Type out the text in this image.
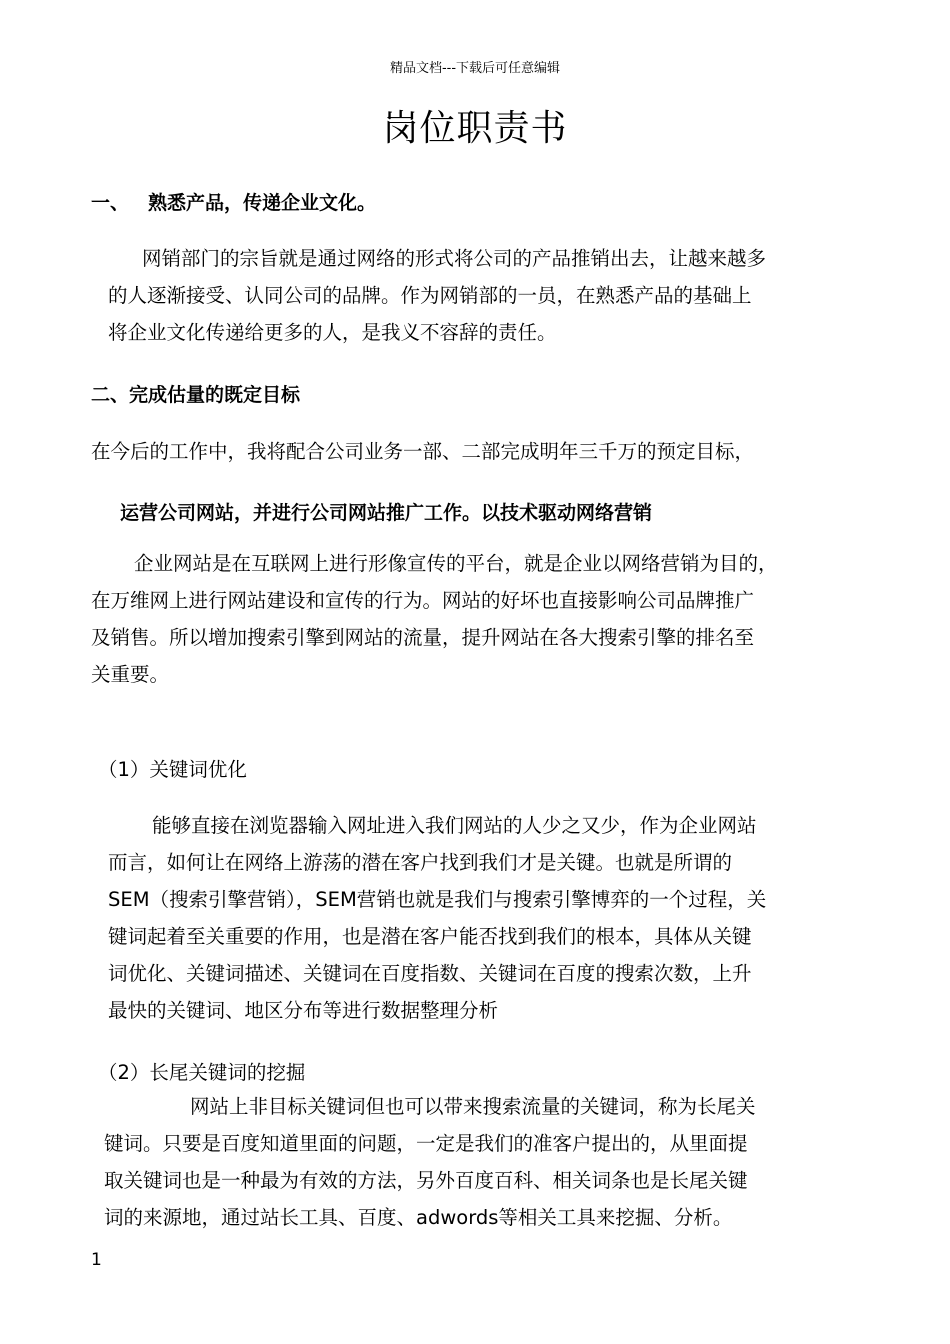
精品文档---下载后可任意编辑
岗位职责书
一、 熟悉产品，传递企业文化。
网销部门的宗旨就是通过网络的形式将公司的产品推销出去，让越来越多
的人逐渐接受、认同公司的品牌。作为网销部的一员，在熟悉产品的基础上
将企业文化传递给更多的人，是我义不容辞的责任。
二、完成估量的既定目标
在今后的工作中，我将配合公司业务一部、二部完成明年三千万的预定目标，
运营公司网站，并进行公司网站推广工作。以技术驱动网络营销
企业网站是在互联网上进行形像宣传的平台，就是企业以网络营销为目的，
在万维网上进行网站建设和宣传的行为。网站的好坏也直接影响公司品牌推广
及销售。所以增加搜索引擎到网站的流量，提升网站在各大搜索引擎的排名至
关重要。
（1）关键词优化
能够直接在浏览器输入网址进入我们网站的人少之又少，作为企业网站
而言，如何让在网络上游荡的潜在客户找到我们才是关键。也就是所谓的
SEM（搜索引擎营销），SEM营销也就是我们与搜索引擎博弈的一个过程，关
键词起着至关重要的作用，也是潜在客户能否找到我们的根本，具体从关键
词优化、关键词描述、关键词在百度指数、关键词在百度的搜索次数，上升
最快的关键词、地区分布等进行数据整理分析
（2）长尾关键词的挖掘
网站上非目标关键词但也可以带来搜索流量的关键词，称为长尾关
键词。只要是百度知道里面的问题，一定是我们的准客户提出的，从里面提
取关键词也是一种最为有效的方法，另外百度百科、相关词条也是长尾关键
词的来源地，通过站长工具、百度、adwords等相关工具来挖掘、分析。
1
